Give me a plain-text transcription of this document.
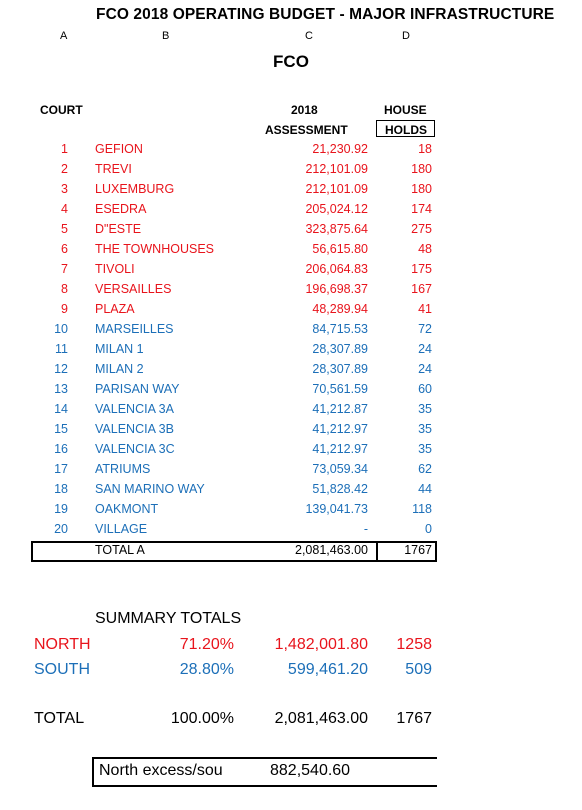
FCO 2018 OPERATING BUDGET - MAJOR INFRASTRUCTURE
A	B	C	D
FCO
COURT	2018
ASSESSMENT
HOUSE
HOLDS
1 GEFION	21,230.92	18
2 TREVI	212,101.09	180
3 LUXEMBURG	212,101.09	180
4 ESEDRA	205,024.12	174
5 D"ESTE	323,875.64	275
6 THE TOWNHOUSES	56,615.80	48
7 TIVOLI	206,064.83	175
8 VERSAILLES	196,698.37	167
9 PLAZA	48,289.94	41
10 MARSEILLES	84,715.53	72
11 MILAN 1	28,307.89	24
12 MILAN 2	28,307.89	24
13 PARISAN WAY	70,561.59	60
14 VALENCIA 3A	41,212.87	35
15 VALENCIA 3B	41,212.97	35
16 VALENCIA 3C	41,212.97	35
17 ATRIUMS	73,059.34	62
18 SAN MARINO WAY	51,828.42	44
19 OAKMONT	139,041.73	118
20 VILLAGE	-	0
TOTAL A	2,081,463.00	1767
SUMMARY TOTALS
NORTH	71.20%	1,482,001.80	1258
SOUTH	28.80%	599,461.20	509
TOTAL	100.00%	2,081,463.00	1767
North excess/sou	882,540.60
